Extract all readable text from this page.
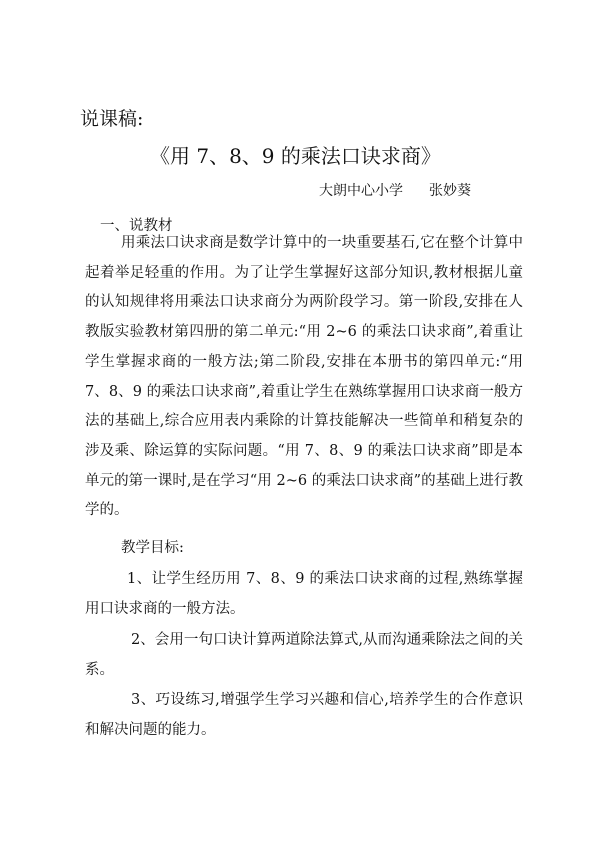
说课稿:
《用 7、8、9 的乘法口诀求商》
大朗中心小学 张妙葵
一、说教材

用乘法口诀求商是数学计算中的一块重要基石,它在整个计算中起着举足轻重的作用。为了让学生掌握好这部分知识,教材根据儿童的认知规律将用乘法口诀求商分为两阶段学习。第一阶段,安排在人教版实验教材第四册的第二单元:“用 2~6 的乘法口诀求商”,着重让学生掌握求商的一般方法;第二阶段,安排在本册书的第四单元:“用 7、8、9 的乘法口诀求商”,着重让学生在熟练掌握用口诀求商一般方法的基础上,综合应用表内乘除的计算技能解决一些简单和稍复杂的涉及乘、除运算的实际问题。“用 7、8、9 的乘法口诀求商”即是本单元的第一课时,是在学习“用 2~6 的乘法口诀求商”的基础上进行教学的。

教学目标:

1、让学生经历用 7、8、9 的乘法口诀求商的过程,熟练掌握用口诀求商的一般方法。

2、会用一句口诀计算两道除法算式,从而沟通乘除法之间的关系。

3、巧设练习,增强学生学习兴趣和信心,培养学生的合作意识和解决问题的能力。
